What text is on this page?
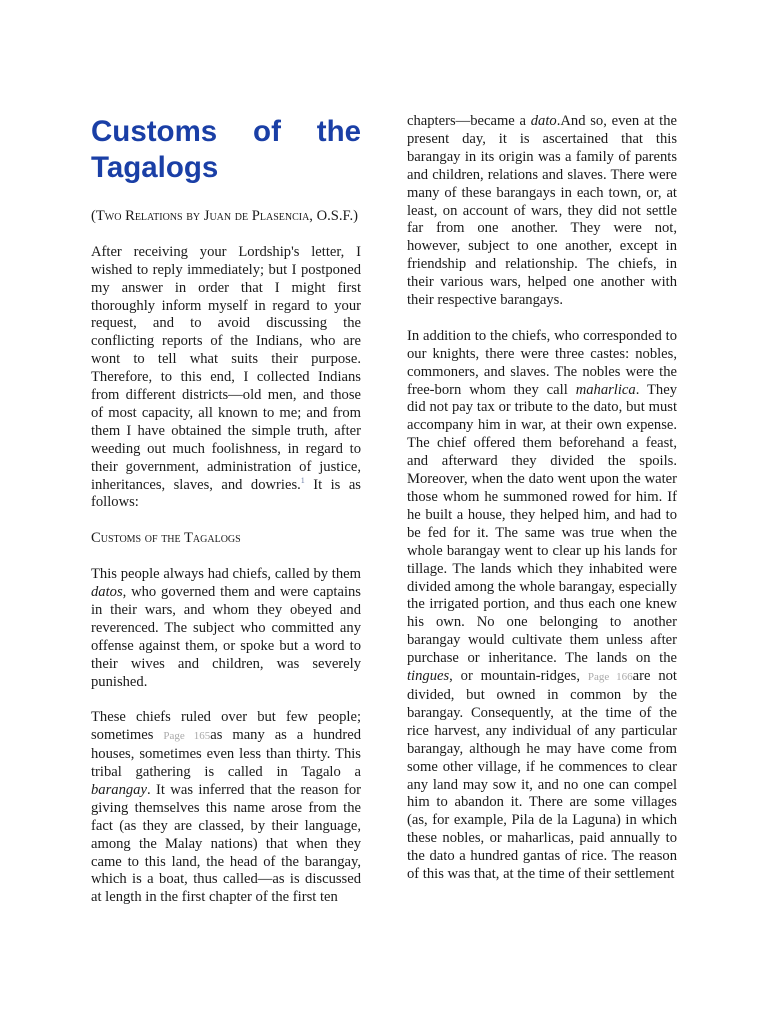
Customs of the Tagalogs

(Two Relations by Juan de Plasencia, O.S.F.)

After receiving your Lordship's letter, I wished to reply immediately; but I postponed my answer in order that I might first thoroughly inform myself in regard to your request, and to avoid discussing the conflicting reports of the Indians, who are wont to tell what suits their purpose. Therefore, to this end, I collected Indians from different districts—old men, and those of most capacity, all known to me; and from them I have obtained the simple truth, after weeding out much foolishness, in regard to their government, administration of justice, inheritances, slaves, and dowries.$^1$ It is as follows:

Customs of the Tagalogs

This people always had chiefs, called by them datos, who governed them and were captains in their wars, and whom they obeyed and reverenced. The subject who committed any offense against them, or spoke but a word to their wives and children, was severely punished.

These chiefs ruled over but few people; sometimes Page 165as many as a hundred houses, sometimes even less than thirty. This tribal gathering is called in Tagalo a barangay. It was inferred that the reason for giving themselves this name arose from the fact (as they are classed, by their language, among the Malay nations) that when they came to this land, the head of the barangay, which is a boat, thus called—as is discussed at length in the first chapter of the first ten

chapters—became a dato.And so, even at the present day, it is ascertained that this barangay in its origin was a family of parents and children, relations and slaves. There were many of these barangays in each town, or, at least, on account of wars, they did not settle far from one another. They were not, however, subject to one another, except in friendship and relationship. The chiefs, in their various wars, helped one another with their respective barangays.

In addition to the chiefs, who corresponded to our knights, there were three castes: nobles, commoners, and slaves. The nobles were the free-born whom they call maharlica. They did not pay tax or tribute to the dato, but must accompany him in war, at their own expense. The chief offered them beforehand a feast, and afterward they divided the spoils. Moreover, when the dato went upon the water those whom he summoned rowed for him. If he built a house, they helped him, and had to be fed for it. The same was true when the whole barangay went to clear up his lands for tillage. The lands which they inhabited were divided among the whole barangay, especially the irrigated portion, and thus each one knew his own. No one belonging to another barangay would cultivate them unless after purchase or inheritance. The lands on the tingues, or mountain-ridges, Page 166are not divided, but owned in common by the barangay. Consequently, at the time of the rice harvest, any individual of any particular barangay, although he may have come from some other village, if he commences to clear any land may sow it, and no one can compel him to abandon it. There are some villages (as, for example, Pila de la Laguna) in which these nobles, or maharlicas, paid annually to the dato a hundred gantas of rice. The reason of this was that, at the time of their settlement
